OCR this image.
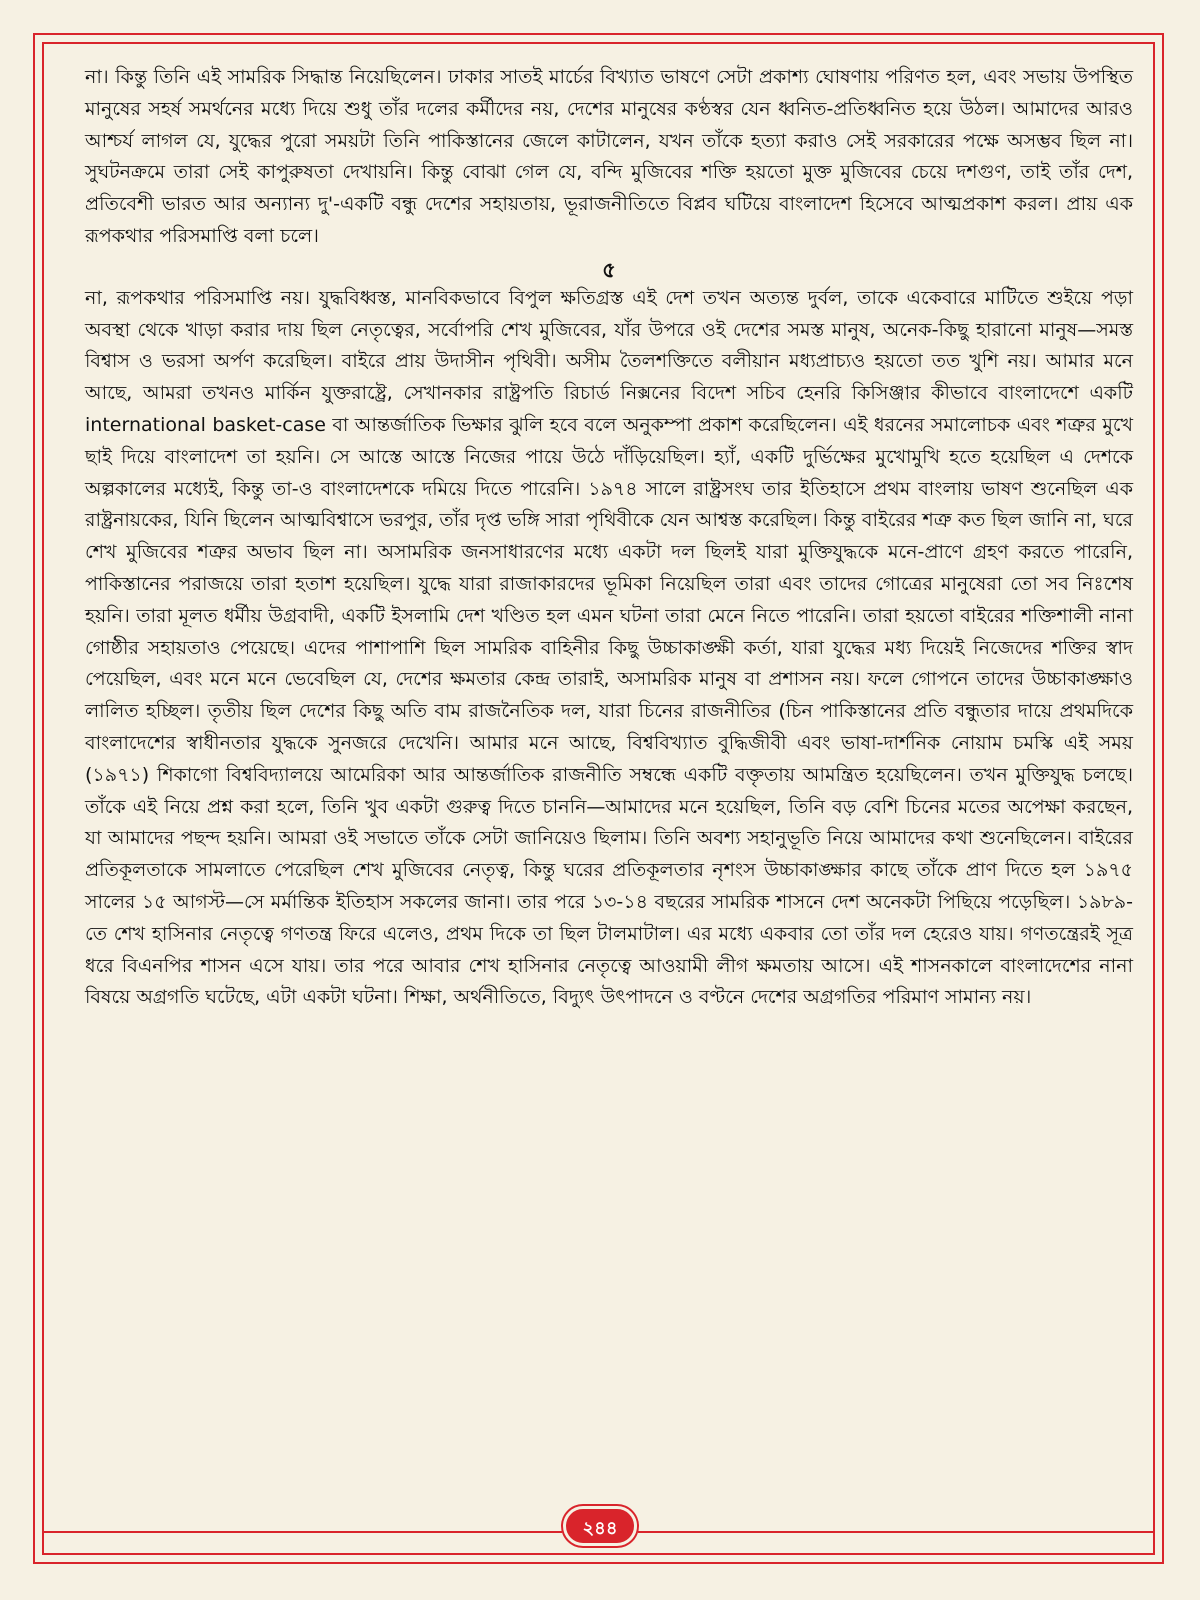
না। কিন্তু তিনি এই সামরিক সিদ্ধান্ত নিয়েছিলেন। ঢাকার সাতই মার্চের বিখ্যাত ভাষণে সেটা প্রকাশ্য ঘোষণায় পরিণত হল, এবং সভায় উপস্থিত মানুষের সহর্ষ সমর্থনের মধ্যে দিয়ে শুধু তাঁর দলের কর্মীদের নয়, দেশের মানুষের কণ্ঠস্বর যেন ধ্বনিত-প্রতিধ্বনিত হয়ে উঠল। আমাদের আরও আশ্চর্য লাগল যে, যুদ্ধের পুরো সময়টা তিনি পাকিস্তানের জেলে কাটালেন, যখন তাঁকে হত্যা করাও সেই সরকারের পক্ষে অসম্ভব ছিল না। সুঘটনক্রমে তারা সেই কাপুরুষতা দেখায়নি। কিন্তু বোঝা গেল যে, বন্দি মুজিবের শক্তি হয়তো মুক্ত মুজিবের চেয়ে দশগুণ, তাই তাঁর দেশ, প্রতিবেশী ভারত আর অন্যান্য দু'-একটি বন্ধু দেশের সহায়তায়, ভূরাজনীতিতে বিপ্লব ঘটিয়ে বাংলাদেশ হিসেবে আত্মপ্রকাশ করল। প্রায় এক রূপকথার পরিসমাপ্তি বলা চলে।

৫

না, রূপকথার পরিসমাপ্তি নয়। যুদ্ধবিধ্বস্ত, মানবিকভাবে বিপুল ক্ষতিগ্রস্ত এই দেশ তখন অত্যন্ত দুর্বল, তাকে একেবারে মাটিতে শুইয়ে পড়া অবস্থা থেকে খাড়া করার দায় ছিল নেতৃত্বের, সর্বোপরি শেখ মুজিবের, যাঁর উপরে ওই দেশের সমস্ত মানুষ, অনেক-কিছু হারানো মানুষ—সমস্ত বিশ্বাস ও ভরসা অর্পণ করেছিল। বাইরে প্রায় উদাসীন পৃথিবী। অসীম তৈলশক্তিতে বলীয়ান মধ্যপ্রাচ্যও হয়তো তত খুশি নয়। আমার মনে আছে, আমরা তখনও মার্কিন যুক্তরাষ্ট্রে, সেখানকার রাষ্ট্রপতি রিচার্ড নিক্সনের বিদেশ সচিব হেনরি কিসিঞ্জার কীভাবে বাংলাদেশে একটি international basket-case বা আন্তর্জাতিক ভিক্ষার ঝুলি হবে বলে অনুকম্পা প্রকাশ করেছিলেন। এই ধরনের সমালোচক এবং শত্রুর মুখে ছাই দিয়ে বাংলাদেশ তা হয়নি। সে আস্তে আস্তে নিজের পায়ে উঠে দাঁড়িয়েছিল। হ্যাঁ, একটি দুর্ভিক্ষের মুখোমুখি হতে হয়েছিল এ দেশকে অল্পকালের মধ্যেই, কিন্তু তা-ও বাংলাদেশকে দমিয়ে দিতে পারেনি। ১৯৭৪ সালে রাষ্ট্রসংঘ তার ইতিহাসে প্রথম বাংলায় ভাষণ শুনেছিল এক রাষ্ট্রনায়কের, যিনি ছিলেন আত্মবিশ্বাসে ভরপুর, তাঁর দৃপ্ত ভঙ্গি সারা পৃথিবীকে যেন আশ্বস্ত করেছিল। কিন্তু বাইরের শত্রু কত ছিল জানি না, ঘরে শেখ মুজিবের শত্রুর অভাব ছিল না। অসামরিক জনসাধারণের মধ্যে একটা দল ছিলই যারা মুক্তিযুদ্ধকে মনে-প্রাণে গ্রহণ করতে পারেনি, পাকিস্তানের পরাজয়ে তারা হতাশ হয়েছিল। যুদ্ধে যারা রাজাকারদের ভূমিকা নিয়েছিল তারা এবং তাদের গোত্রের মানুষেরা তো সব নিঃশেষ হয়নি। তারা মূলত ধর্মীয় উগ্রবাদী, একটি ইসলামি দেশ খণ্ডিত হল এমন ঘটনা তারা মেনে নিতে পারেনি। তারা হয়তো বাইরের শক্তিশালী নানা গোষ্ঠীর সহায়তাও পেয়েছে। এদের পাশাপাশি ছিল সামরিক বাহিনীর কিছু উচ্চাকাঙ্ক্ষী কর্তা, যারা যুদ্ধের মধ্য দিয়েই নিজেদের শক্তির স্বাদ পেয়েছিল, এবং মনে মনে ভেবেছিল যে, দেশের ক্ষমতার কেন্দ্র তারাই, অসামরিক মানুষ বা প্রশাসন নয়। ফলে গোপনে তাদের উচ্চাকাঙ্ক্ষাও লালিত হচ্ছিল। তৃতীয় ছিল দেশের কিছু অতি বাম রাজনৈতিক দল, যারা চিনের রাজনীতির (চিন পাকিস্তানের প্রতি বন্ধুতার দায়ে প্রথমদিকে বাংলাদেশের স্বাধীনতার যুদ্ধকে সুনজরে দেখেনি। আমার মনে আছে, বিশ্ববিখ্যাত বুদ্ধিজীবী এবং ভাষা-দার্শনিক নোয়াম চমস্কি এই সময় (১৯৭১) শিকাগো বিশ্ববিদ্যালয়ে আমেরিকা আর আন্তর্জাতিক রাজনীতি সম্বন্ধে একটি বক্তৃতায় আমন্ত্রিত হয়েছিলেন। তখন মুক্তিযুদ্ধ চলছে। তাঁকে এই নিয়ে প্রশ্ন করা হলে, তিনি খুব একটা গুরুত্ব দিতে চাননি—আমাদের মনে হয়েছিল, তিনি বড় বেশি চিনের মতের অপেক্ষা করছেন, যা আমাদের পছন্দ হয়নি। আমরা ওই সভাতে তাঁকে সেটা জানিয়েও ছিলাম। তিনি অবশ্য সহানুভূতি নিয়ে আমাদের কথা শুনেছিলেন। বাইরের প্রতিকূলতাকে সামলাতে পেরেছিল শেখ মুজিবের নেতৃত্ব, কিন্তু ঘরের প্রতিকূলতার নৃশংস উচ্চাকাঙ্ক্ষার কাছে তাঁকে প্রাণ দিতে হল ১৯৭৫ সালের ১৫ আগস্ট—সে মর্মান্তিক ইতিহাস সকলের জানা। তার পরে ১৩-১৪ বছরের সামরিক শাসনে দেশ অনেকটা পিছিয়ে পড়েছিল। ১৯৮৯-তে শেখ হাসিনার নেতৃত্বে গণতন্ত্র ফিরে এলেও, প্রথম দিকে তা ছিল টালমাটাল। এর মধ্যে একবার তো তাঁর দল হেরেও যায়। গণতন্ত্রেরই সূত্র ধরে বিএনপির শাসন এসে যায়। তার পরে আবার শেখ হাসিনার নেতৃত্বে আওয়ামী লীগ ক্ষমতায় আসে। এই শাসনকালে বাংলাদেশের নানা বিষয়ে অগ্রগতি ঘটেছে, এটা একটা ঘটনা। শিক্ষা, অর্থনীতিতে, বিদ্যুৎ উৎপাদনে ও বণ্টনে দেশের অগ্রগতির পরিমাণ সামান্য নয়।

২৪৪
